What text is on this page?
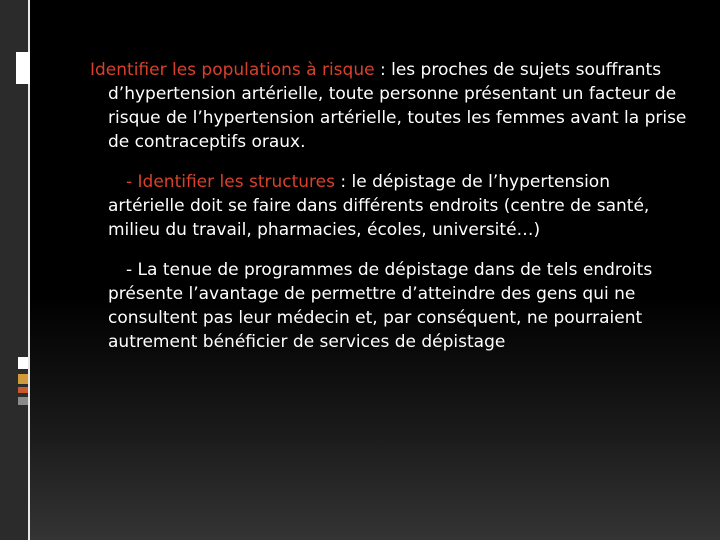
Identifier les populations à risque : les proches de sujets souffrants d’hypertension artérielle, toute personne présentant un facteur de risque de l’hypertension artérielle, toutes les femmes avant la prise de contraceptifs oraux.

- Identifier les structures : le dépistage de l’hypertension artérielle doit se faire dans différents endroits (centre de santé, milieu du travail, pharmacies, écoles, université…)

- La tenue de programmes de dépistage dans de tels endroits présente l’avantage de permettre d’atteindre des gens qui ne consultent pas leur médecin et, par conséquent, ne pourraient autrement bénéficier de services de dépistage
